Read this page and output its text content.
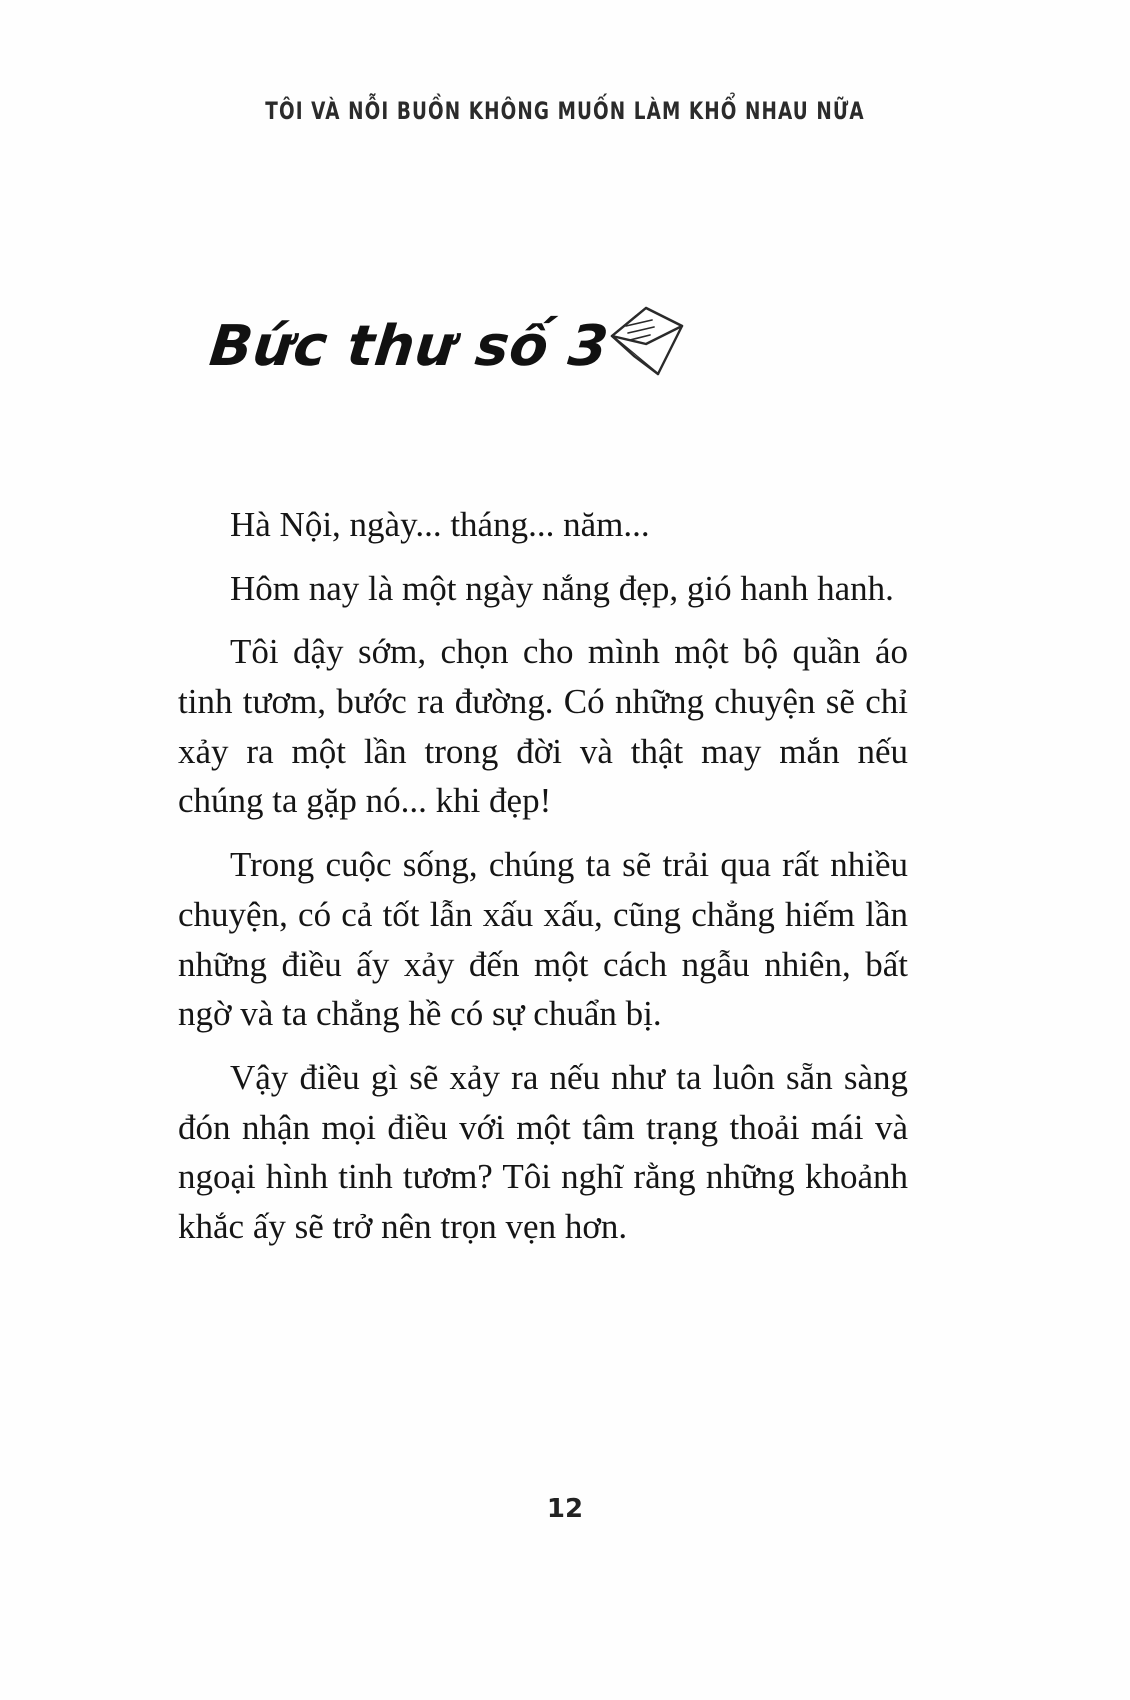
TÔI VÀ NỖI BUỒN KHÔNG MUỐN LÀM KHỔ NHAU NỮA
Bức thư số 3

Hà Nội, ngày... tháng... năm...

Hôm nay là một ngày nắng đẹp, gió hanh hanh.

Tôi dậy sớm, chọn cho mình một bộ quần áo tinh tươm, bước ra đường. Có những chuyện sẽ chỉ xảy ra một lần trong đời và thật may mắn nếu chúng ta gặp nó... khi đẹp!

Trong cuộc sống, chúng ta sẽ trải qua rất nhiều chuyện, có cả tốt lẫn xấu xấu, cũng chẳng hiếm lần những điều ấy xảy đến một cách ngẫu nhiên, bất ngờ và ta chẳng hề có sự chuẩn bị.

Vậy điều gì sẽ xảy ra nếu như ta luôn sẵn sàng đón nhận mọi điều với một tâm trạng thoải mái và ngoại hình tinh tươm? Tôi nghĩ rằng những khoảnh khắc ấy sẽ trở nên trọn vẹn hơn.

12
